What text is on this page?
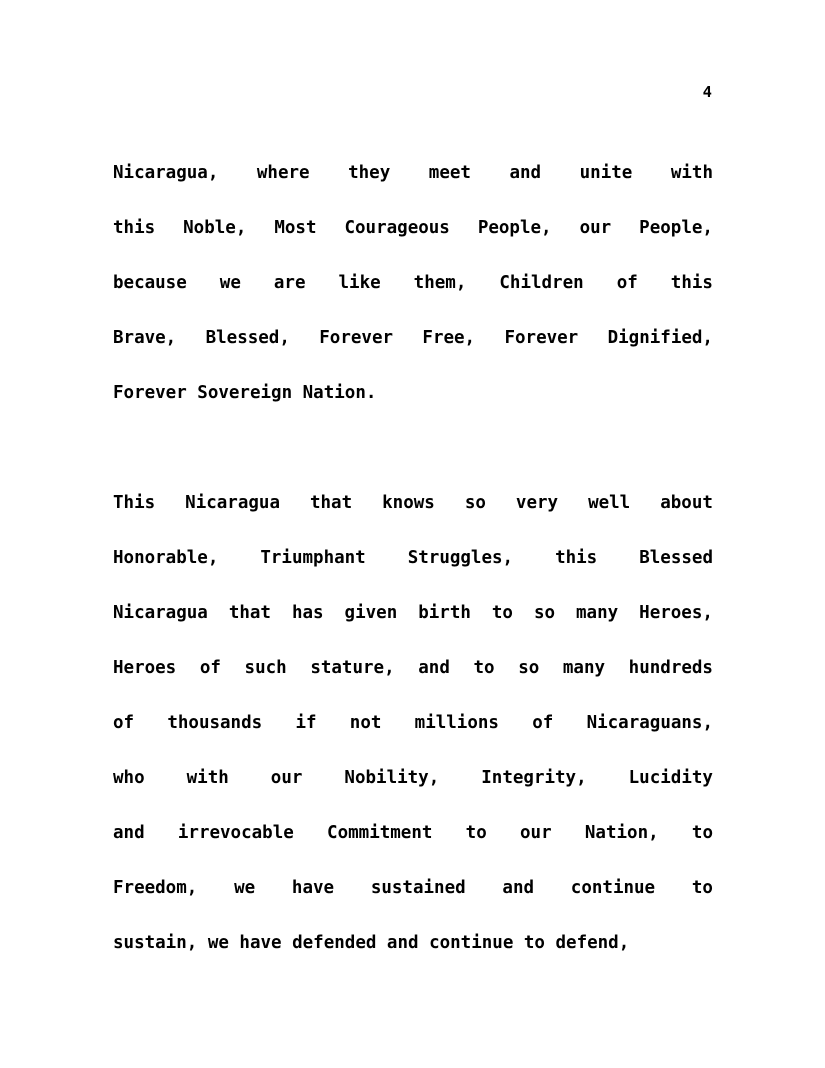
4
Nicaragua, where they meet and unite with
this Noble, Most Courageous People, our People,
because we are like them, Children of this
Brave, Blessed, Forever Free, Forever Dignified,
Forever Sovereign Nation.
This Nicaragua that knows so very well about
Honorable, Triumphant Struggles, this Blessed
Nicaragua that has given birth to so many Heroes,
Heroes of such stature, and to so many hundreds
of thousands if not millions of Nicaraguans,
who with our Nobility, Integrity, Lucidity
and irrevocable Commitment to our Nation, to
Freedom, we have sustained and continue to
sustain, we have defended and continue to defend,
